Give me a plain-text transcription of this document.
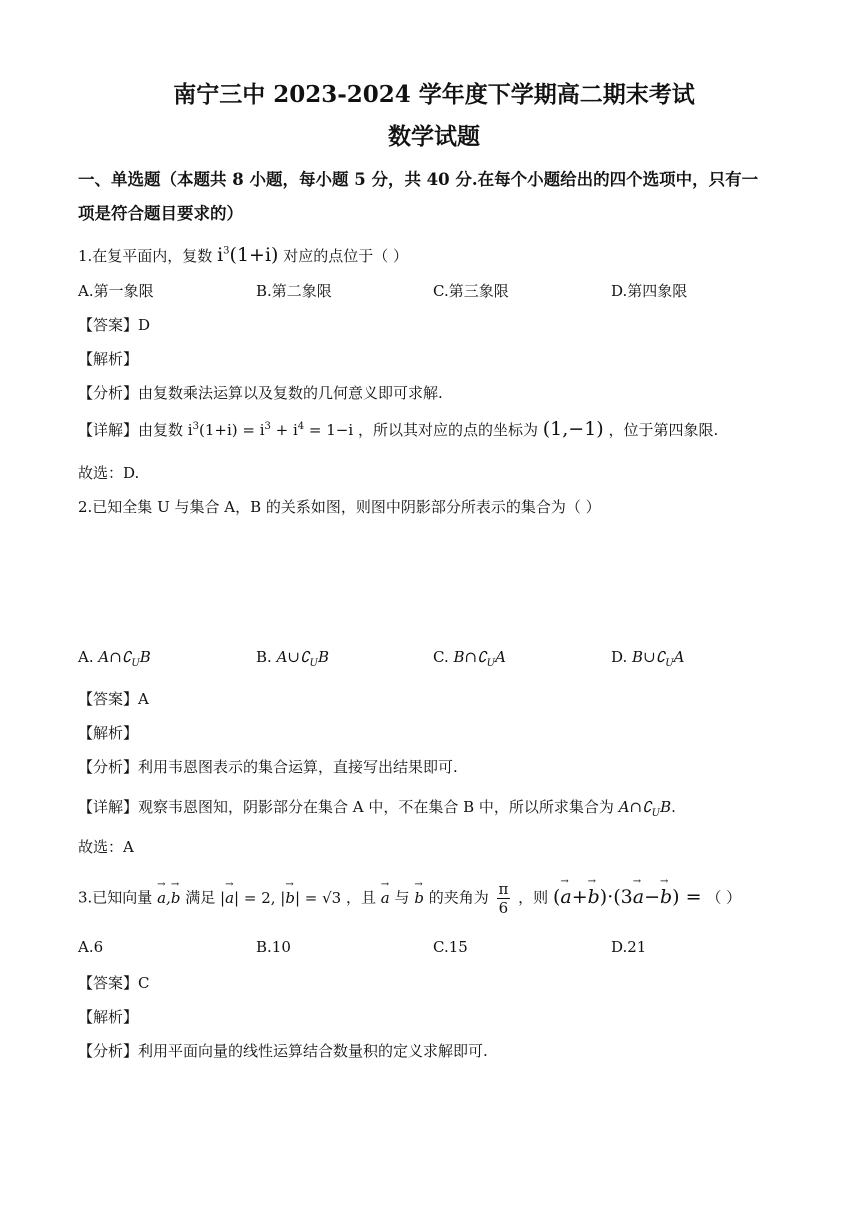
南宁三中 2023-2024 学年度下学期高二期末考试
数学试题
一、单选题（本题共 8 小题，每小题 5 分，共 40 分.在每个小题给出的四个选项中，只有一
项是符合题目要求的）
1.在复平面内，复数 $i^3(1+i)$ 对应的点位于（ ）
A.第一象限	B.第二象限	C.第三象限	D.第四象限
【答案】D
【解析】
【分析】由复数乘法运算以及复数的几何意义即可求解.
【详解】由复数 $i^3(1+i) = i^3 + i^4 = 1-i$ ，所以其对应的点的坐标为 (1,−1) ，位于第四象限.
故选：D.
2.已知全集 U 与集合 A，B 的关系如图，则图中阴影部分所表示的集合为（ ）
A. $A\cap∁_UB$	B. $A\cup∁_UB$	C. $B\cap∁_UA$	D. $B\cup∁_UA$
【答案】A
【解析】
【分析】利用韦恩图表示的集合运算，直接写出结果即可.
【详解】观察韦恩图知，阴影部分在集合 A 中，不在集合 B 中，所以所求集合为 $A\cap∁_UB$.
故选：A
3.已知向量 → a,→ b 满足 |→ a| = 2, |→ b| = √3 ，且 → a 与 → b 的夹角为 $\frac{\pi}{6}$ ，则 (→ a+→ b)·(3→ a−→ b) = （ ）
A.6	B.10	C.15	D.21
【答案】C
【解析】
【分析】利用平面向量的线性运算结合数量积的定义求解即可.
